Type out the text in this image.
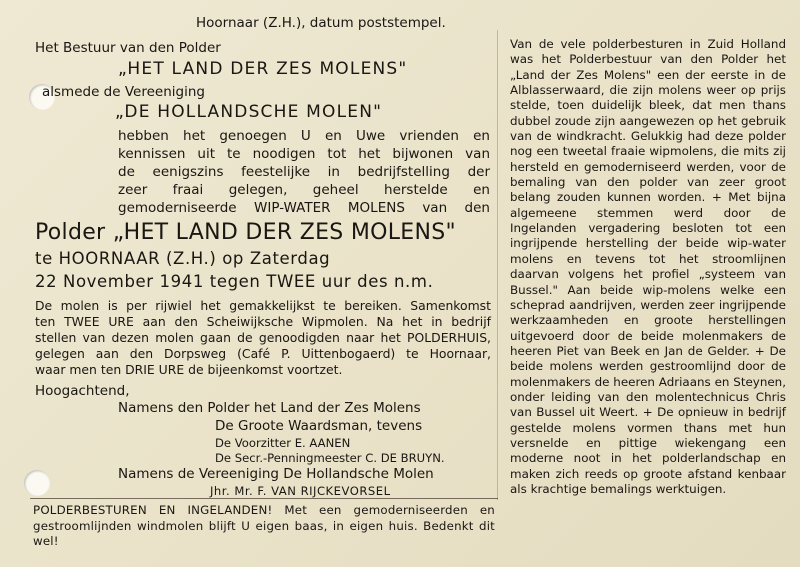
Hoornaar (Z.H.), datum poststempel.
Het Bestuur van den Polder
„HET LAND DER ZES MOLENS"
alsmede de Vereeniging
„DE HOLLANDSCHE MOLEN"
hebben het genoegen U en Uwe vrienden en
kennissen uit te noodigen tot het bijwonen van
de eenigszins feestelijke in bedrijfstelling der
zeer fraai gelegen, geheel herstelde en
gemoderniseerde WIP-WATER MOLENS van den
Polder „HET LAND DER ZES MOLENS"
te HOORNAAR (Z.H.) op Zaterdag
22 November 1941 tegen TWEE uur des n.m.
De molen is per rijwiel het gemakkelijkst te bereiken. Samenkomst
ten TWEE URE aan den Scheiwijksche Wipmolen. Na het in bedrijf
stellen van dezen molen gaan de genoodigden naar het POLDERHUIS,
gelegen aan den Dorpsweg (Café P. Uittenbogaerd) te Hoornaar,
waar men ten DRIE URE de bijeenkomst voortzet.
Hoogachtend,
Namens den Polder het Land der Zes Molens
De Groote Waardsman, tevens
De Voorzitter E. AANEN
De Secr.-Penningmeester C. DE BRUYN.
Namens de Vereeniging De Hollandsche Molen
Jhr. Mr. F. VAN RIJCKEVORSEL
POLDERBESTUREN EN INGELANDEN! Met een gemoderniseerden en gestroomlijnden windmolen blijft U eigen baas, in eigen huis. Bedenkt dit wel!

Van de vele polderbesturen in Zuid Holland was het Polderbestuur van den Polder het „Land der Zes Molens" een der eerste in de Alblasserwaard, die zijn molens weer op prijs stelde, toen duidelijk bleek, dat men thans dubbel zoude zijn aangewezen op het gebruik van de windkracht. Gelukkig had deze polder nog een tweetal fraaie wipmolens, die mits zij hersteld en gemoderniseerd werden, voor de bemaling van den polder van zeer groot belang zouden kunnen worden. + Met bijna algemeene stemmen werd door de Ingelanden vergadering besloten tot een ingrijpende herstelling der beide wip-water molens en tevens tot het stroomlijnen daarvan volgens het profiel „systeem van Bussel." Aan beide wip-molens welke een scheprad aandrijven, werden zeer ingrijpende werkzaamheden en groote herstellingen uitgevoerd door de beide molenmakers de heeren Piet van Beek en Jan de Gelder. + De beide molens werden gestroomlijnd door de molenmakers de heeren Adriaans en Steynen, onder leiding van den molentechnicus Chris van Bussel uit Weert. + De opnieuw in bedrijf gestelde molens vormen thans met hun versnelde en pittige wiekengang een moderne noot in het polderlandschap en maken zich reeds op groote afstand kenbaar als krachtige bemalings werktuigen.
